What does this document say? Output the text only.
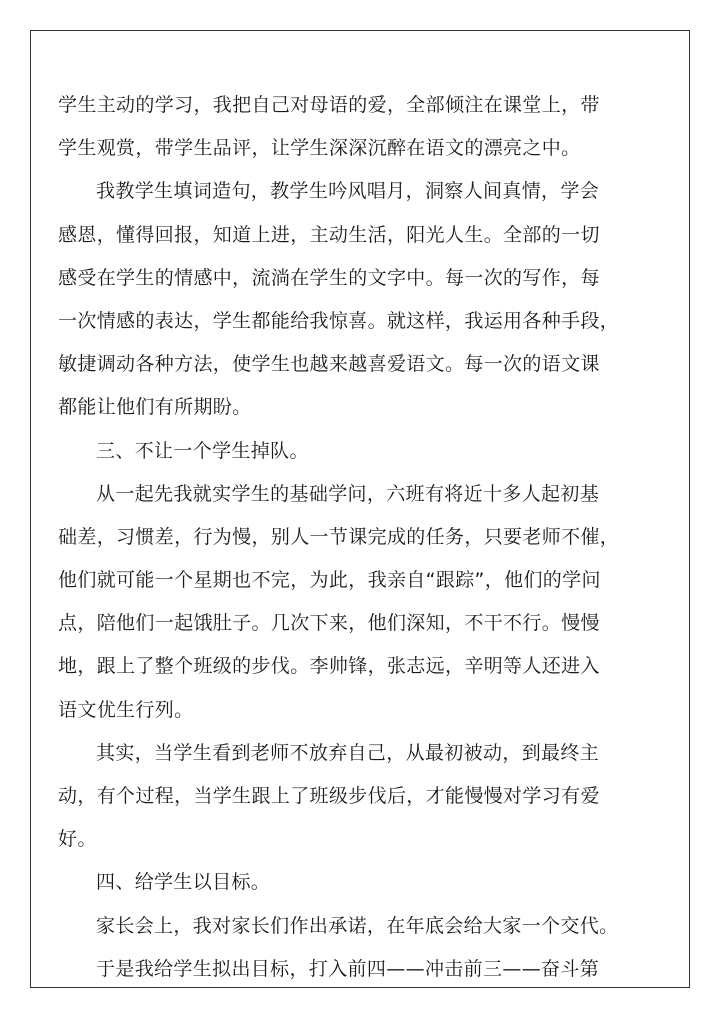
学生主动的学习，我把自己对母语的爱，全部倾注在课堂上，带
学生观赏，带学生品评，让学生深深沉醉在语文的漂亮之中。
我教学生填词造句，教学生吟风唱月，洞察人间真情，学会
感恩，懂得回报，知道上进，主动生活，阳光人生。全部的一切
感受在学生的情感中，流淌在学生的文字中。每一次的写作，每
一次情感的表达，学生都能给我惊喜。就这样，我运用各种手段，
敏捷调动各种方法，使学生也越来越喜爱语文。每一次的语文课
都能让他们有所期盼。
三、不让一个学生掉队。
从一起先我就实学生的基础学问，六班有将近十多人起初基
础差，习惯差，行为慢，别人一节课完成的任务，只要老师不催，
他们就可能一个星期也不完，为此，我亲自“跟踪”，他们的学问
点，陪他们一起饿肚子。几次下来，他们深知，不干不行。慢慢
地，跟上了整个班级的步伐。李帅锋，张志远，辛明等人还进入
语文优生行列。
其实，当学生看到老师不放弃自己，从最初被动，到最终主
动，有个过程，当学生跟上了班级步伐后，才能慢慢对学习有爱
好。
四、给学生以目标。
家长会上，我对家长们作出承诺，在年底会给大家一个交代。
于是我给学生拟出目标，打入前四——冲击前三——奋斗第
